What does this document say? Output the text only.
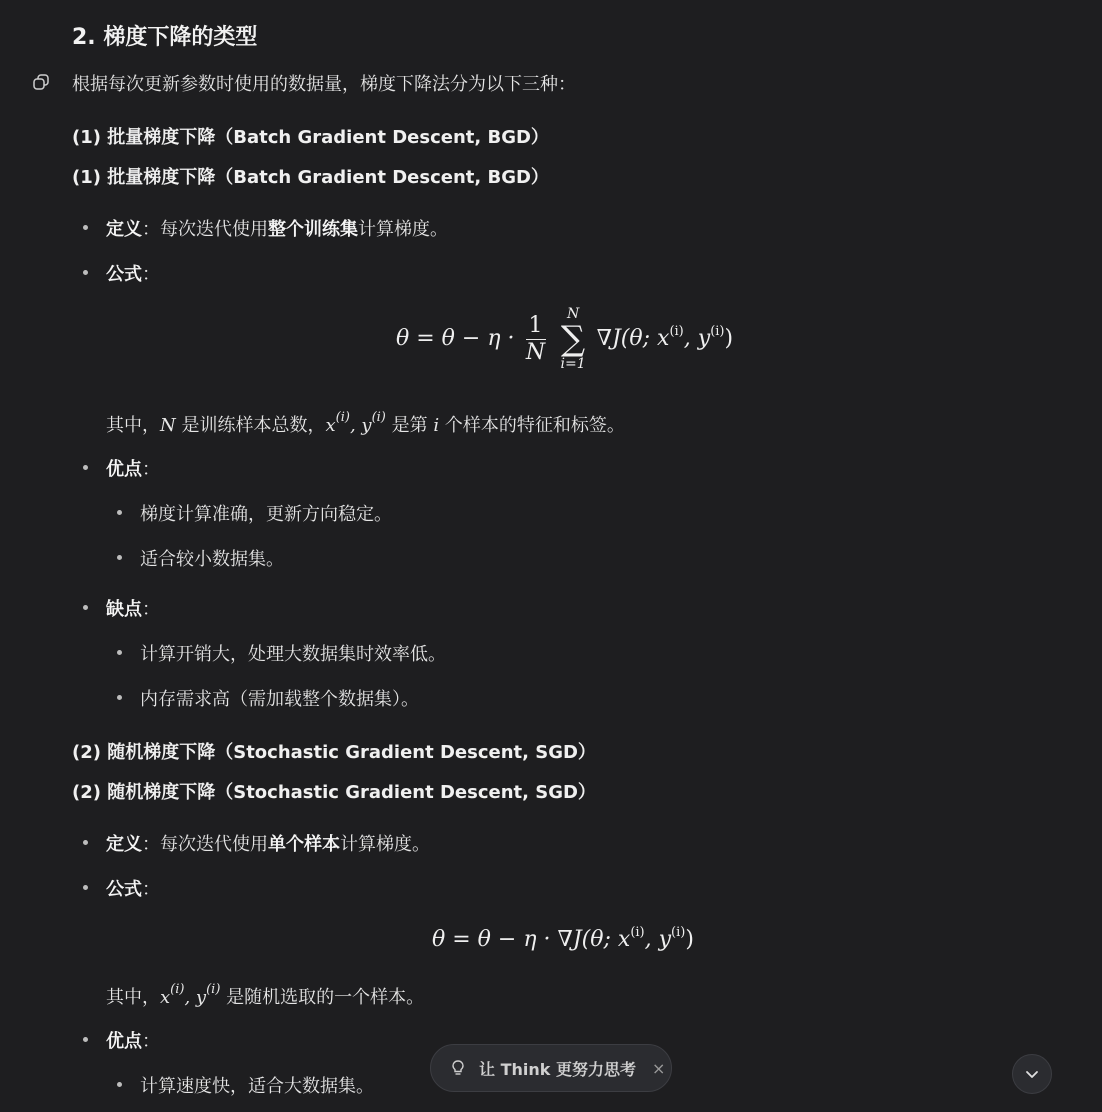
2. 梯度下降的类型
根据每次更新参数时使用的数据量，梯度下降法分为以下三种：
(1) 批量梯度下降（Batch Gradient Descent, BGD）
(1) 批量梯度下降（Batch Gradient Descent, BGD）
定义：每次迭代使用整个训练集计算梯度。
公式：
$\theta = \theta - \eta \cdot \frac{1}{N}$
	N
∑
i=1
∇J(θ; $x^{(i)}$, $y^{(i)}$)
其中，N 是训练样本总数，$x^{(i)}$, $y^{(i)}$ 是第 i 个样本的特征和标签。
优点：
梯度计算准确，更新方向稳定。
适合较小数据集。
缺点：
计算开销大，处理大数据集时效率低。
内存需求高（需加载整个数据集）。
(2) 随机梯度下降（Stochastic Gradient Descent, SGD）
(2) 随机梯度下降（Stochastic Gradient Descent, SGD）
定义：每次迭代使用单个样本计算梯度。
公式：
θ = θ − η · ∇J(θ; $x^{(i)}$, $y^{(i)}$)
其中，$x^{(i)}$, $y^{(i)}$ 是随机选取的一个样本。
优点：
计算速度快，适合大数据集。
让 Think 更努力思考 ×
